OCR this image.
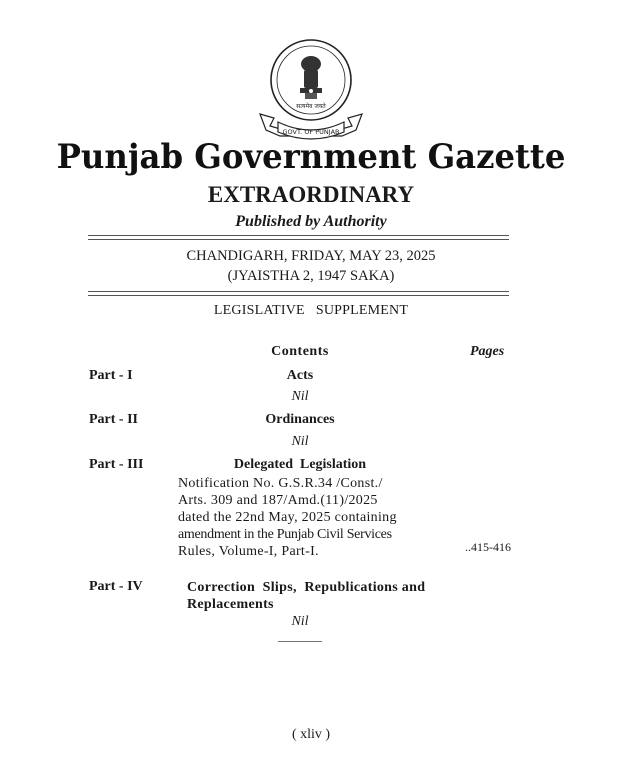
सत्यमेव जयते
GOVT. OF PUNJAB
Punjab Government Gazette
EXTRAORDINARY
Published by Authority
CHANDIGARH, FRIDAY, MAY 23, 2025
(JYAISTHA 2, 1947 SAKA)
LEGISLATIVE   SUPPLEMENT
Contents	Pages
Part - I	Acts
Nil
Part - II	Ordinances
Nil
Part - III	Delegated  Legislation
Notification No. G.S.R.34 /Const./
Arts. 309 and 187/Amd.(11)/2025
dated the 22nd May, 2025 containing
amendment in the Punjab Civil Services
Rules, Volume-I, Part-I.	..415-416
Part - IV	Correction  Slips,  Republications and
Replacements
Nil
( xliv )
